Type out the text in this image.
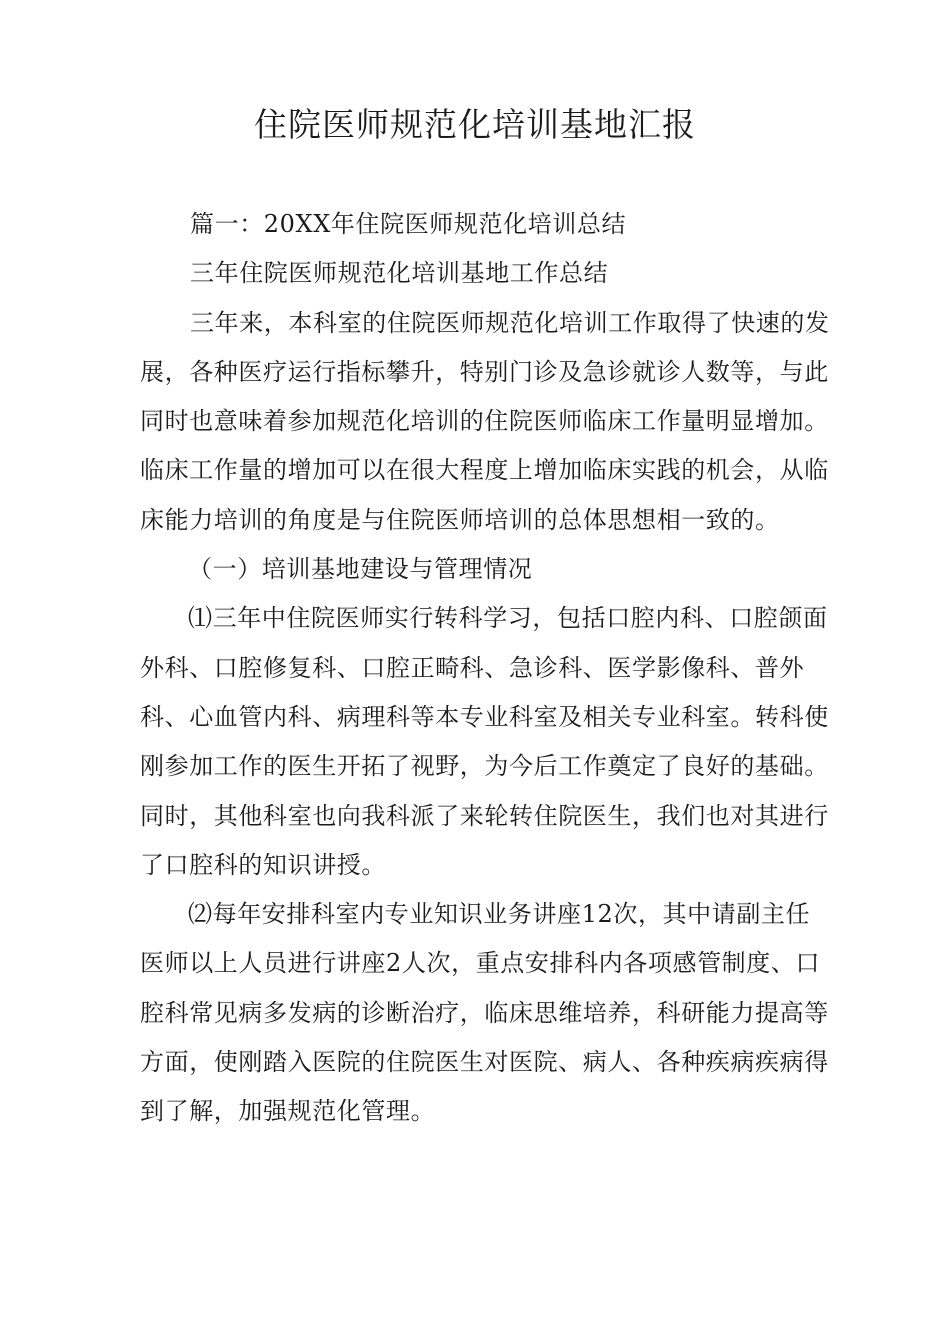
住院医师规范化培训基地汇报

篇一：20XX年住院医师规范化培训总结

三年住院医师规范化培训基地工作总结

三年来，本科室的住院医师规范化培训工作取得了快速的发展，各种医疗运行指标攀升，特别门诊及急诊就诊人数等，与此同时也意味着参加规范化培训的住院医师临床工作量明显增加。临床工作量的增加可以在很大程度上增加临床实践的机会，从临床能力培训的角度是与住院医师培训的总体思想相一致的。

（一）培训基地建设与管理情况

⑴三年中住院医师实行转科学习，包括口腔内科、口腔颌面外科、口腔修复科、口腔正畸科、急诊科、医学影像科、普外科、心血管内科、病理科等本专业科室及相关专业科室。转科使刚参加工作的医生开拓了视野，为今后工作奠定了良好的基础。同时，其他科室也向我科派了来轮转住院医生，我们也对其进行了口腔科的知识讲授。

⑵每年安排科室内专业知识业务讲座12次，其中请副主任医师以上人员进行讲座2人次，重点安排科内各项感管制度、口腔科常见病多发病的诊断治疗，临床思维培养，科研能力提高等方面，使刚踏入医院的住院医生对医院、病人、各种疾病疾病得到了解，加强规范化管理。
